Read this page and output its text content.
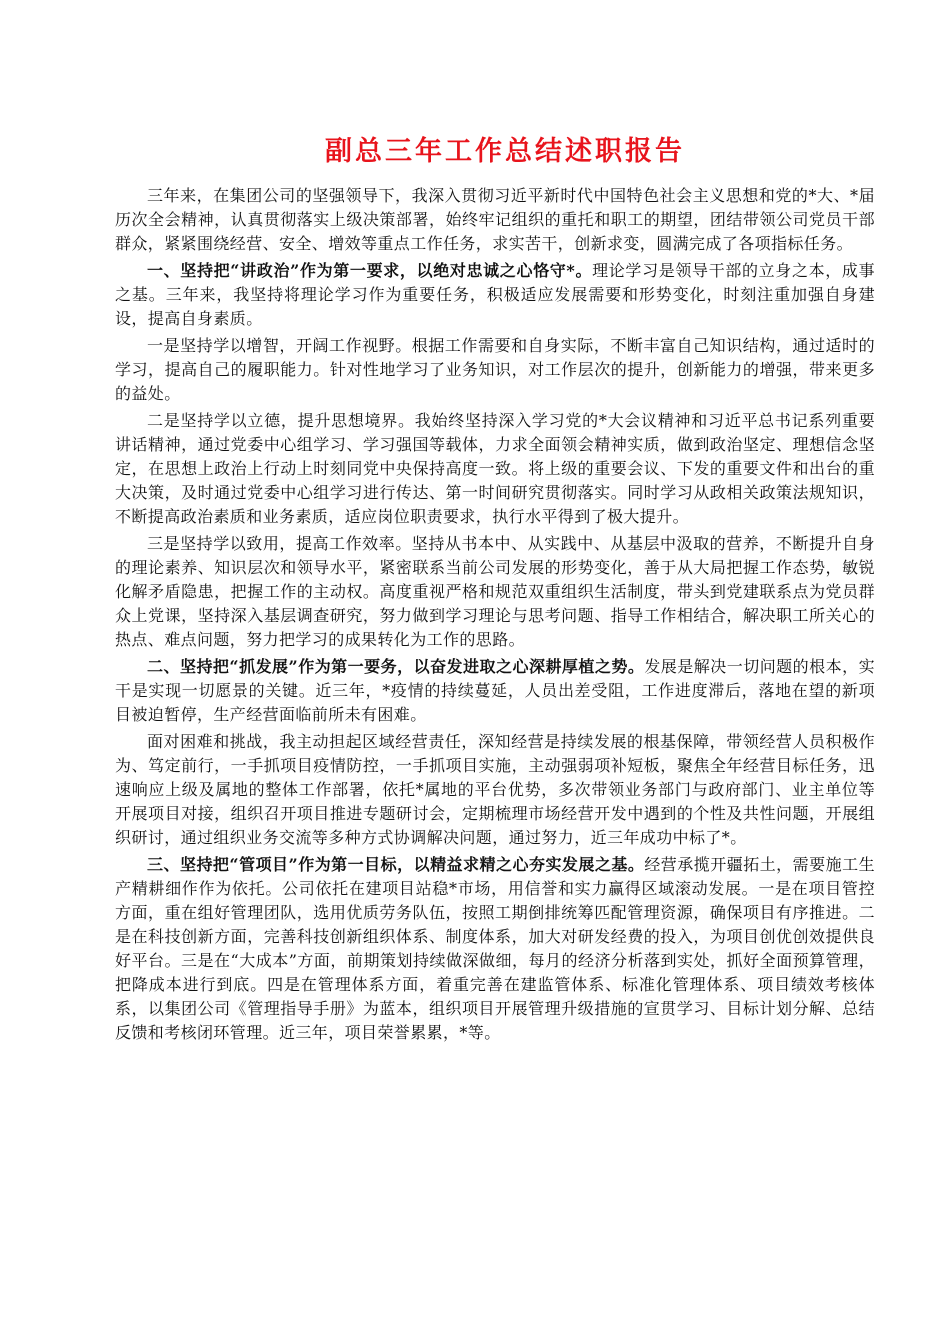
副总三年工作总结述职报告

三年来，在集团公司的坚强领导下，我深入贯彻习近平新时代中国特色社会主义思想和党的*大、*届历次全会精神，认真贯彻落实上级决策部署，始终牢记组织的重托和职工的期望，团结带领公司党员干部群众，紧紧围绕经营、安全、增效等重点工作任务，求实苦干，创新求变，圆满完成了各项指标任务。

一、坚持把“讲政治”作为第一要求，以绝对忠诚之心恪守*。理论学习是领导干部的立身之本，成事之基。三年来，我坚持将理论学习作为重要任务，积极适应发展需要和形势变化，时刻注重加强自身建设，提高自身素质。

一是坚持学以增智，开阔工作视野。根据工作需要和自身实际，不断丰富自己知识结构，通过适时的学习，提高自己的履职能力。针对性地学习了业务知识，对工作层次的提升，创新能力的增强，带来更多的益处。

二是坚持学以立德，提升思想境界。我始终坚持深入学习党的*大会议精神和习近平总书记系列重要讲话精神，通过党委中心组学习、学习强国等载体，力求全面领会精神实质，做到政治坚定、理想信念坚定，在思想上政治上行动上时刻同党中央保持高度一致。将上级的重要会议、下发的重要文件和出台的重大决策，及时通过党委中心组学习进行传达、第一时间研究贯彻落实。同时学习从政相关政策法规知识，不断提高政治素质和业务素质，适应岗位职责要求，执行水平得到了极大提升。

三是坚持学以致用，提高工作效率。坚持从书本中、从实践中、从基层中汲取的营养，不断提升自身的理论素养、知识层次和领导水平，紧密联系当前公司发展的形势变化，善于从大局把握工作态势，敏锐化解矛盾隐患，把握工作的主动权。高度重视严格和规范双重组织生活制度，带头到党建联系点为党员群众上党课，坚持深入基层调查研究，努力做到学习理论与思考问题、指导工作相结合，解决职工所关心的热点、难点问题，努力把学习的成果转化为工作的思路。

二、坚持把“抓发展”作为第一要务，以奋发进取之心深耕厚植之势。发展是解决一切问题的根本，实干是实现一切愿景的关键。近三年，*疫情的持续蔓延，人员出差受阻，工作进度滞后，落地在望的新项目被迫暂停，生产经营面临前所未有困难。

面对困难和挑战，我主动担起区域经营责任，深知经营是持续发展的根基保障，带领经营人员积极作为、笃定前行，一手抓项目疫情防控，一手抓项目实施，主动强弱项补短板，聚焦全年经营目标任务，迅速响应上级及属地的整体工作部署，依托*属地的平台优势，多次带领业务部门与政府部门、业主单位等开展项目对接，组织召开项目推进专题研讨会，定期梳理市场经营开发中遇到的个性及共性问题，开展组织研讨，通过组织业务交流等多种方式协调解决问题，通过努力，近三年成功中标了*。

三、坚持把“管项目”作为第一目标，以精益求精之心夯实发展之基。经营承揽开疆拓土，需要施工生产精耕细作作为依托。公司依托在建项目站稳*市场，用信誉和实力赢得区域滚动发展。一是在项目管控方面，重在组好管理团队，选用优质劳务队伍，按照工期倒排统筹匹配管理资源，确保项目有序推进。二是在科技创新方面，完善科技创新组织体系、制度体系，加大对研发经费的投入，为项目创优创效提供良好平台。三是在“大成本”方面，前期策划持续做深做细，每月的经济分析落到实处，抓好全面预算管理，把降成本进行到底。四是在管理体系方面，着重完善在建监管体系、标准化管理体系、项目绩效考核体系，以集团公司《管理指导手册》为蓝本，组织项目开展管理升级措施的宣贯学习、目标计划分解、总结反馈和考核闭环管理。近三年，项目荣誉累累，*等。
